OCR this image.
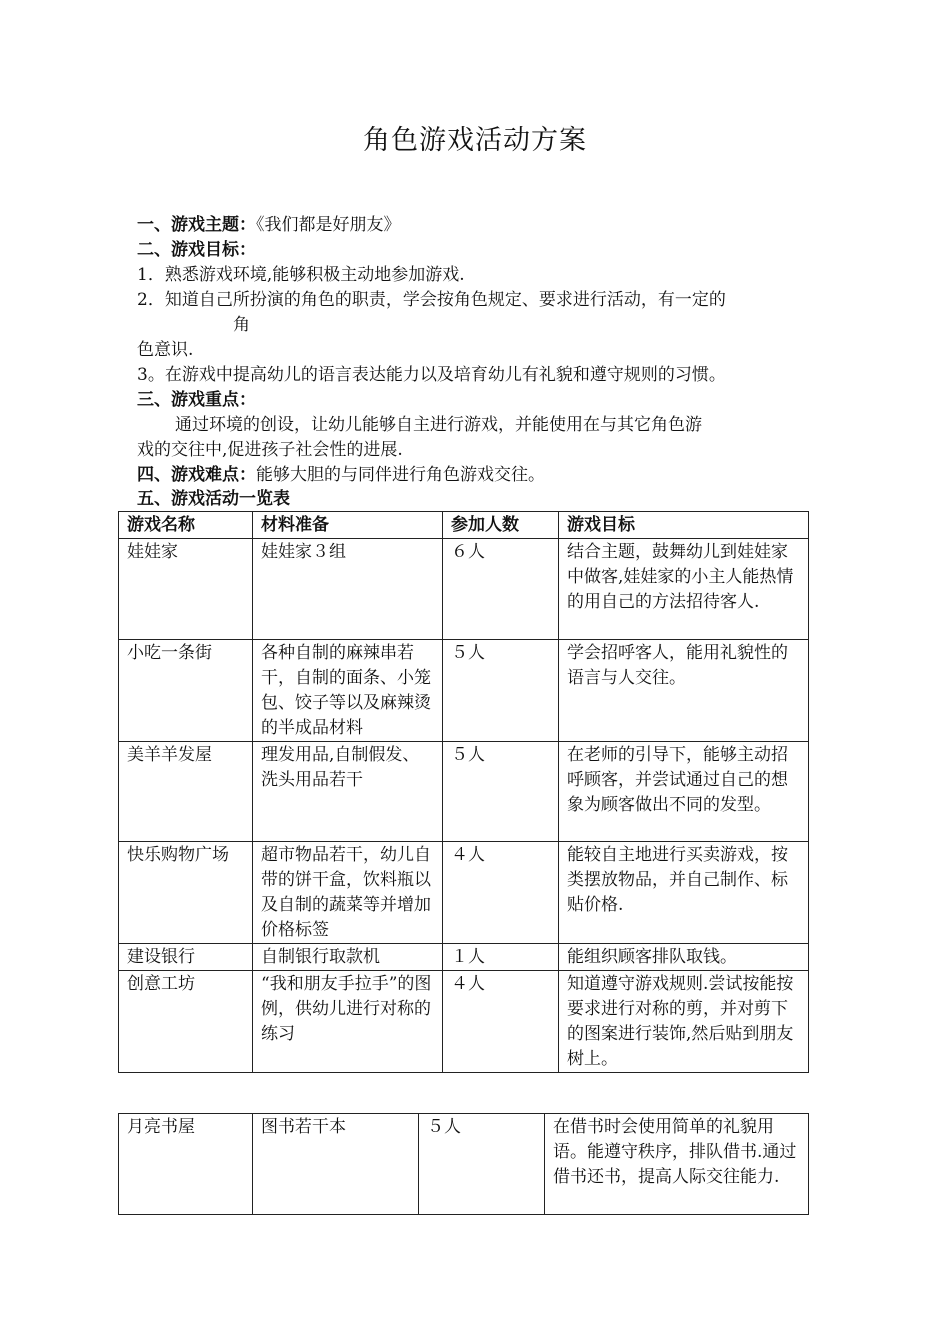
角色游戏活动方案
一、游戏主题：《我们都是好朋友》
二、游戏目标：
1．熟悉游戏环境,能够积极主动地参加游戏.
2．知道自己所扮演的角色的职责，学会按角色规定、要求进行活动，有一定的
角
色意识.
3。在游戏中提高幼儿的语言表达能力以及培育幼儿有礼貌和遵守规则的习惯。
三、游戏重点：
通过环境的创设，让幼儿能够自主进行游戏，并能使用在与其它角色游
戏的交往中,促进孩子社会性的进展.
四、游戏难点：能够大胆的与同伴进行角色游戏交往。
五、游戏活动一览表
游戏名称	材料准备	参加人数	游戏目标
娃娃家	娃娃家３组	６人	结合主题，鼓舞幼儿到娃娃家中做客,娃娃家的小主人能热情的用自己的方法招待客人.
小吃一条街	各种自制的麻辣串若干，自制的面条、小笼包、饺子等以及麻辣烫的半成品材料	５人	学会招呼客人，能用礼貌性的语言与人交往。
美羊羊发屋	理发用品,自制假发、洗头用品若干	５人	在老师的引导下，能够主动招呼顾客，并尝试通过自己的想象为顾客做出不同的发型。
快乐购物广场	超市物品若干，幼儿自带的饼干盒，饮料瓶以及自制的蔬菜等并增加价格标签	４人	能较自主地进行买卖游戏，按类摆放物品，并自己制作、标贴价格.
建设银行	自制银行取款机	１人	能组织顾客排队取钱。
创意工坊	“我和朋友手拉手”的图例，供幼儿进行对称的练习	４人	知道遵守游戏规则.尝试按能按要求进行对称的剪，并对剪下的图案进行装饰,然后贴到朋友树上。
月亮书屋	图书若干本	５人	在借书时会使用简单的礼貌用语。能遵守秩序，排队借书.通过借书还书，提高人际交往能力.
